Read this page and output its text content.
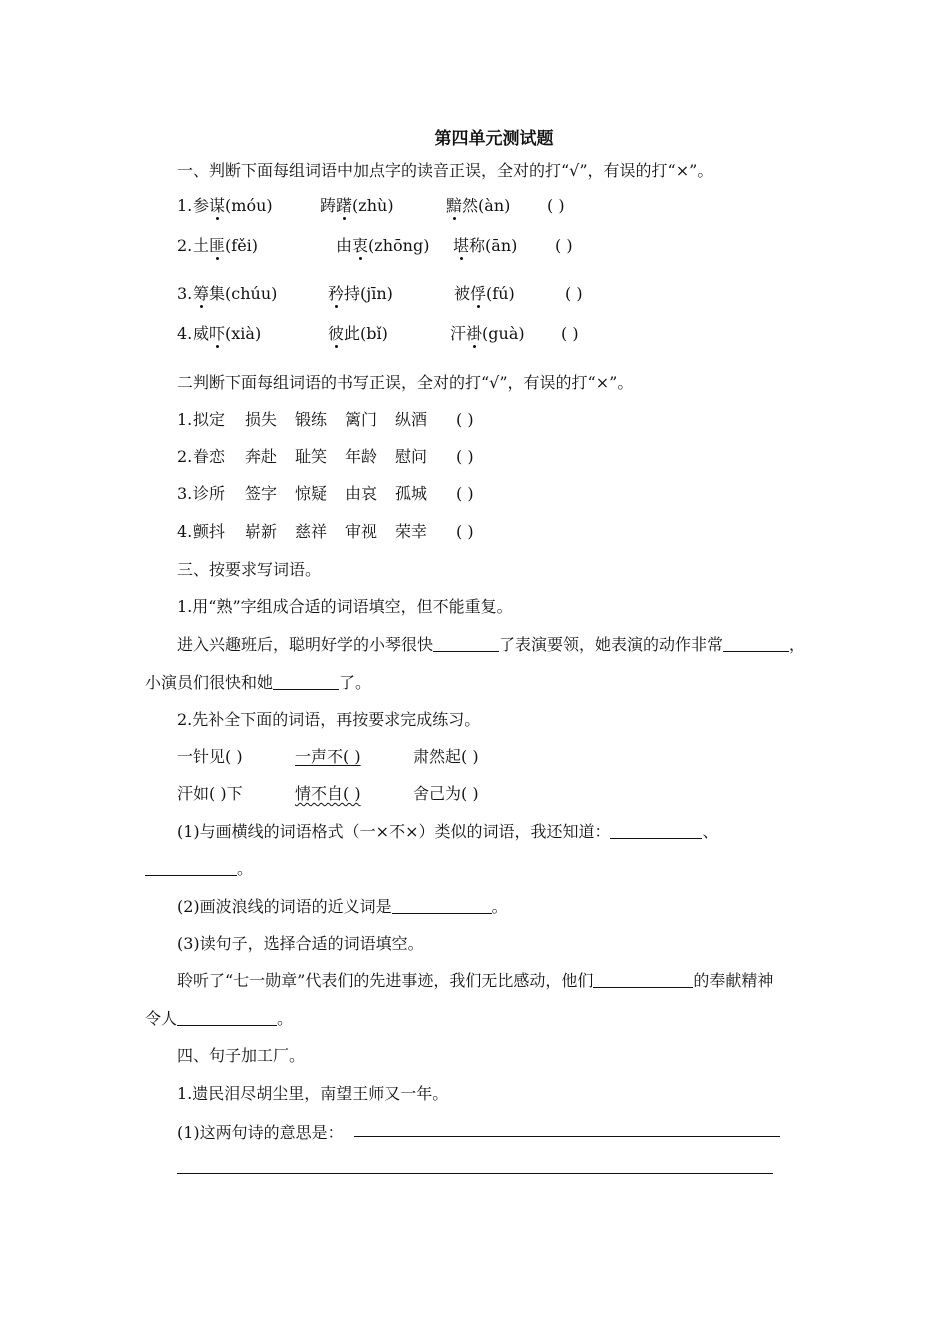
第四单元测试题
一、判断下面每组词语中加点字的读音正误，全对的打“√”，有误的打“×”。
1. 参谋(móu)	踌躇(zhù)	黯然(àn) ( )
2. 土匪(fěi)	由衷(zhōng) 堪称(ān) ( )
3. 筹集(chúu)	矜持(jīn)	被俘(fú)	( )
4. 威吓(xià)	彼此(bǐ)	汗褂(guà) ( )
二判断下面每组词语的书写正误，全对的打“√”，有误的打“×”。
1. 拟定 损失 锻练 篱门 纵酒 ( )
2. 眷恋 奔赴 耻笑 年龄 慰问 ( )
3. 诊所 签字 惊疑 由哀 孤城 ( )
4. 颤抖 崭新 慈祥 审视 荣幸 ( )
三、按要求写词语。
1.用“熟”字组成合适的词语填空，但不能重复。
进入兴趣班后，聪明好学的小琴很快	了表演要领，她表演的动作非常	，
小演员们很快和她	了。
2.先补全下面的词语，再按要求完成练习。
一针见( )	一声不( )	肃然起( )
汗如( )下	情不自( )	舍己为( )
(1)与画横线的词语格式（一×不×）类似的词语，我还知道：	、
。
(2)画波浪线的词语的近义词是	。
(3)读句子，选择合适的词语填空。
聆听了“七一勋章”代表们的先进事迹，我们无比感动，他们	的奉献精神
令人	。
四、句子加工厂。
1.遗民泪尽胡尘里，南望王师又一年。
(1)这两句诗的意思是：
